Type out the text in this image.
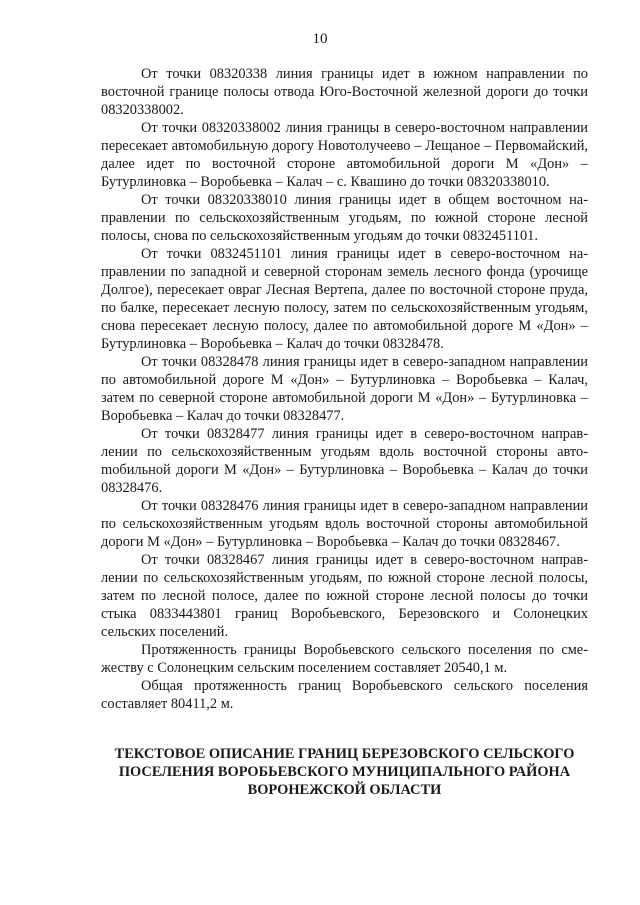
10

От точки 08320338 линия границы идет в южном направлении по восточной границе полосы отвода Юго-Восточной железной дороги до точки 08320338002.

От точки 08320338002 линия границы в северо-восточном направлении пересекает автомобильную дорогу Новотолучеево – Лещаное – Первомайский, далее идет по восточной стороне автомобильной дороги М «Дон» – Бутурлиновка – Воробьевка – Калач – с. Квашино до точки 08320338010.

От точки 08320338010 линия границы идет в общем восточном направлении по сельскохозяйственным угодьям, по южной стороне лесной полосы, снова по сельскохозяйственным угодьям до точки 0832451101.

От точки 0832451101 линия границы идет в северо-восточном направлении по западной и северной сторонам земель лесного фонда (урочище Долгое), пересекает овраг Лесная Вертепа, далее по восточной стороне пруда, по балке, пересекает лесную полосу, затем по сельскохозяйственным угодьям, снова пересекает лесную полосу, далее по автомобильной дороге М «Дон» – Бутурлиновка – Воробьевка – Калач до точки 08328478.

От точки 08328478 линия границы идет в северо-западном направлении по автомобильной дороге М «Дон» – Бутурлиновка – Воробьевка – Калач, затем по северной стороне автомобильной дороги М «Дон» – Бутурлиновка – Воробьевка – Калач до точки 08328477.

От точки 08328477 линия границы идет в северо-восточном направлении по сельскохозяйственным угодьям вдоль восточной стороны автоmобильной дороги М «Дон» – Бутурлиновка – Воробьевка – Калач до точки 08328476.

От точки 08328476 линия границы идет в северо-западном направлении по сельскохозяйственным угодьям вдоль восточной стороны автомобильной дороги М «Дон» – Бутурлиновка – Воробьевка – Калач до точки 08328467.

От точки 08328467 линия границы идет в северо-восточном направлении по сельскохозяйственным угодьям, по южной стороне лесной полосы, затем по лесной полосе, далее по южной стороне лесной полосы до точки стыка 0833443801 границ Воробьевского, Березовского и Солонецких сельских поселений.

Протяженность границы Воробьевского сельского поселения по смежеству с Солонецким сельским поселением составляет 20540,1 м.

Общая протяженность границ Воробьевского сельского поселения составляет 80411,2 м.

ТЕКСТОВОЕ ОПИСАНИЕ ГРАНИЦ БЕРЕЗОВСКОГО СЕЛЬСКОГО ПОСЕЛЕНИЯ ВОРОБЬЕВСКОГО МУНИЦИПАЛЬНОГО РАЙОНА ВОРОНЕЖСКОЙ ОБЛАСТИ
